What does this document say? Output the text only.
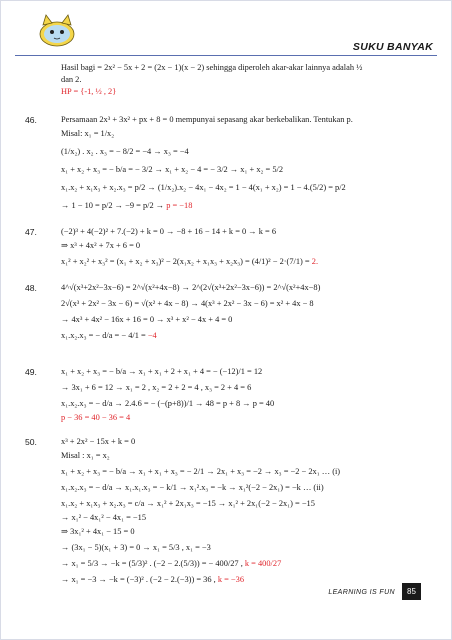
SUKU BANYAK
Hasil bagi = 2x² − 5x + 2 = (2x − 1)(x − 2) sehingga diperoleh akar-akar lainnya adalah ½
dan 2.
HP = {-1, ½ , 2}
46.	Persamaan 2x³ + 3x² + px + 8 = 0 mempunyai sepasang akar berkebalikan. Tentukan p.
Misal: x₁ = 1/x₂
(1/x₂) . x₂ . x₃ = − 8/2 = −4 → x₃ = −4
x₁ + x₂ + x₃ = − b/a = − 3/2 → x₁ + x₂ − 4 = − 3/2 → x₁ + x₂ = 5/2
x₁.x₂ + x₁x₃ + x₂.x₃ = p/2 → (1/x₂).x₂ − 4x₁ − 4x₂ = 1 − 4(x₁ + x₂) = 1 − 4.(5/2) = p/2
→ 1 − 10 = p/2 → −9 = p/2 → p = −18
47.	(−2)³ + 4(−2)² + 7.(−2) + k = 0 → −8 + 16 − 14 + k = 0 → k = 6
⇒ x³ + 4x² + 7x + 6 = 0
x₁² + x₂² + x₃² = (x₁ + x₂ + x₃)² − 2(x₁x₂ + x₁x₃ + x₂x₃) = (4/1)² − 2·(7/1) = 2.
48.	4^√(x³+2x²−3x−6) = 2^√(x²+4x−8) → 2^(2√(x³+2x²−3x−6)) = 2^√(x²+4x−8)
2√(x³ + 2x² − 3x − 6) = √(x² + 4x − 8) → 4(x³ + 2x² − 3x − 6) = x² + 4x − 8
→ 4x³ + 4x² − 16x + 16 = 0 → x³ + x² − 4x + 4 = 0
x₁.x₂.x₃ = − d/a = − 4/1 = −4
49.	x₁ + x₂ + x₃ = − b/a → x₁ + x₁ + 2 + x₁ + 4 = − (−12)/1 = 12
→ 3x₁ + 6 = 12 → x₁ = 2 , x₂ = 2 + 2 = 4 , x₃ = 2 + 4 = 6
x₁.x₂.x₃ = − d/a → 2.4.6 = − (−(p+8))/1 → 48 = p + 8 → p = 40
p − 36 = 40 − 36 = 4
50.	x³ + 2x² − 15x + k = 0
Misal : x₁ = x₂
x₁ + x₂ + x₃ = − b/a → x₁ + x₁ + x₃ = − 2/1 → 2x₁ + x₃ = −2 → x₃ = −2 − 2x₁ … (i)
x₁.x₂.x₃ = − d/a → x₁.x₁.x₃ = − k/1 → x₁².x₃ = −k → x₁²(−2 − 2x₁) = −k … (ii)
x₁.x₂ + x₁x₃ + x₂.x₃ = c/a → x₁² + 2x₁x₃ = −15 → x₁² + 2x₁(−2 − 2x₁) = −15
→ x₁² − 4x₁² − 4x₁ = −15
⇒ 3x₁² + 4x₁ − 15 = 0
→ (3x₁ − 5)(x₁ + 3) = 0 → x₁ = 5/3 , x₁ = −3
→ x₁ = 5/3 → −k = (5/3)² . (−2 − 2.(5/3)) = − 400/27 , k = 400/27
→ x₁ = −3 → −k = (−3)² . (−2 − 2.(−3)) = 36 , k = −36
LEARNING IS FUN	85
